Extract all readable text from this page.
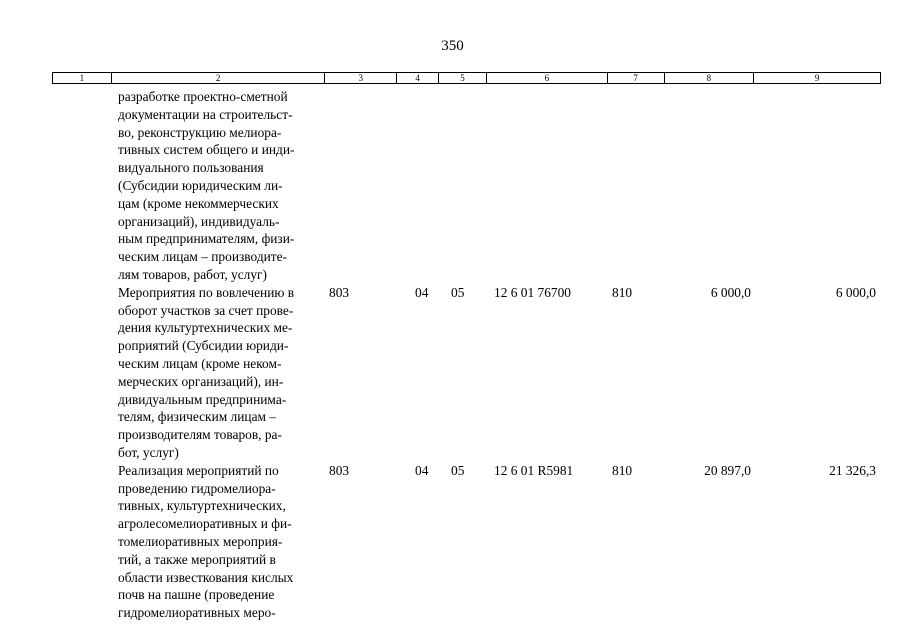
350
1	2	3	4	5	6	7	8	9
разработке проектно-сметной
документации на строительст-
во, реконструкцию мелиора-
тивных систем общего и инди-
видуального пользования
(Субсидии юридическим ли-
цам (кроме некоммерческих
организаций), индивидуаль-
ным предпринимателям, физи-
ческим лицам – производите-
лям товаров, работ, услуг)
Мероприятия по вовлечению в
оборот участков за счет прове-
дения культуртехнических ме-
роприятий (Субсидии юриди-
ческим лицам (кроме неком-
мерческих организаций), ин-
дивидуальным предпринима-
телям, физическим лицам –
производителям товаров, ра-
бот, услуг)
803	04	05	12 6 01 76700	810	6 000,0	6 000,0
Реализация мероприятий по
проведению гидромелиора-
тивных, культуртехнических,
агролесомелиоративных и фи-
томелиоративных мероприя-
тий, а также мероприятий в
области известкования кислых
почв на пашне (проведение
гидромелиоративных меро-
803	04	05	12 6 01 R5981	810	20 897,0	21 326,3
